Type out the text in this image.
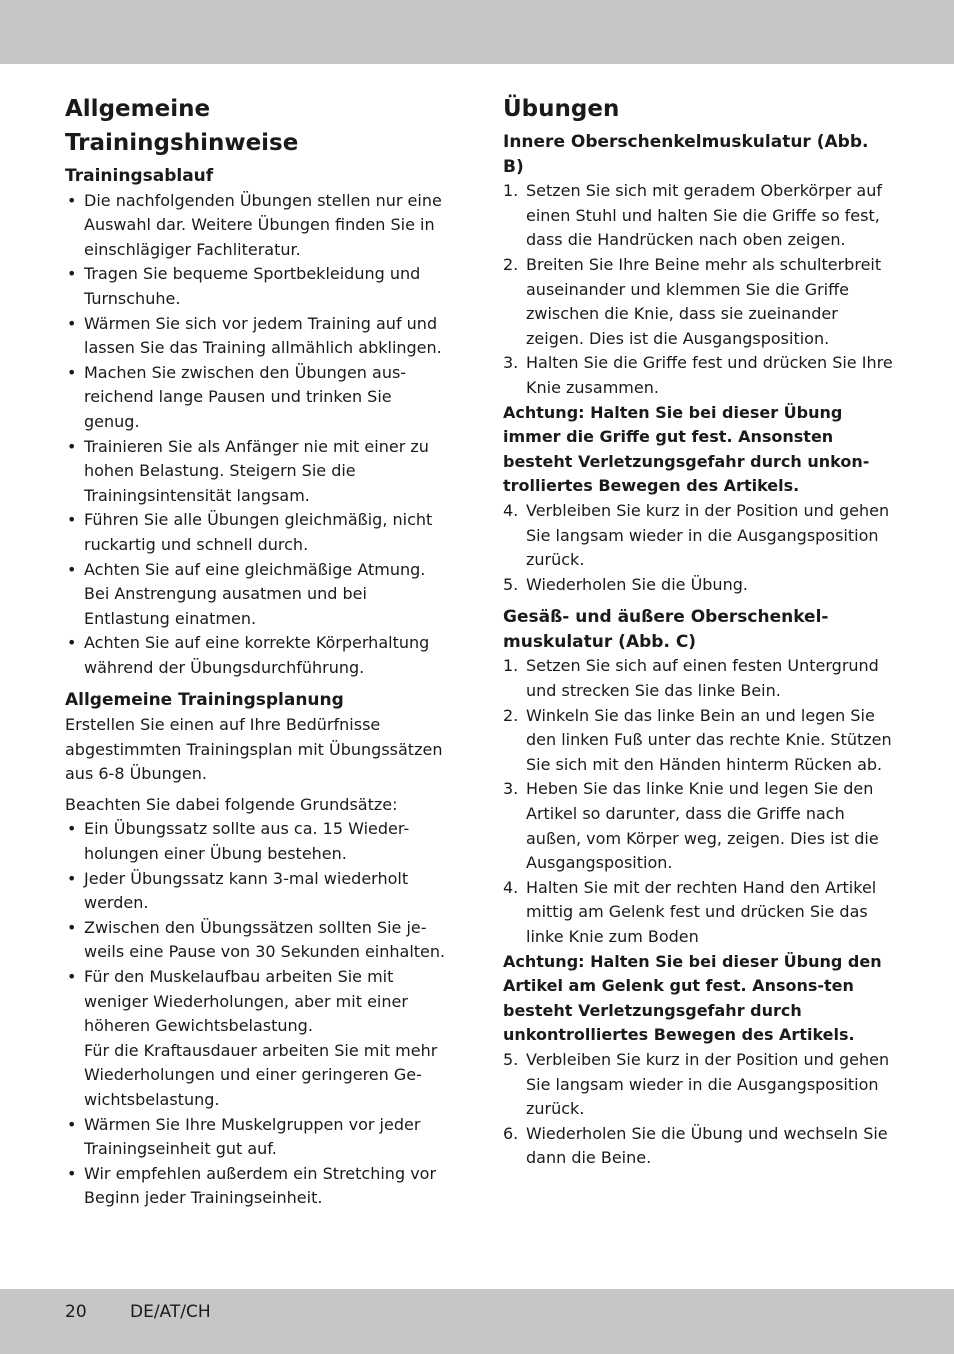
Allgemeine Trainingshinweise
Trainingsablauf
• Die nachfolgenden Übungen stellen nur eine Auswahl dar. Weitere Übungen finden Sie in einschlägiger Fachliteratur.
• Tragen Sie bequeme Sportbekleidung und Turnschuhe.
• Wärmen Sie sich vor jedem Training auf und lassen Sie das Training allmählich abklingen.
• Machen Sie zwischen den Übungen aus-reichend lange Pausen und trinken Sie genug.
• Trainieren Sie als Anfänger nie mit einer zu hohen Belastung. Steigern Sie die Trainingsintensität langsam.
• Führen Sie alle Übungen gleichmäßig, nicht ruckartig und schnell durch.
• Achten Sie auf eine gleichmäßige Atmung. Bei Anstrengung ausatmen und bei Entlastung einatmen.
• Achten Sie auf eine korrekte Körperhaltung während der Übungsdurchführung.
Allgemeine Trainingsplanung

Erstellen Sie einen auf Ihre Bedürfnisse abgestimmten Trainingsplan mit Übungssätzen aus 6-8 Übungen.

Beachten Sie dabei folgende Grundsätze:

• Ein Übungssatz sollte aus ca. 15 Wieder-holungen einer Übung bestehen.
• Jeder Übungssatz kann 3-mal wiederholt werden.
• Zwischen den Übungssätzen sollten Sie je-weils eine Pause von 30 Sekunden einhalten.
• Für den Muskelaufbau arbeiten Sie mit weniger Wiederholungen, aber mit einer höheren Gewichtsbelastung.
Für die Kraftausdauer arbeiten Sie mit mehr Wiederholungen und einer geringeren Ge-wichtsbelastung.
• Wärmen Sie Ihre Muskelgruppen vor jeder Trainingseinheit gut auf.
• Wir empfehlen außerdem ein Stretching vor Beginn jeder Trainingseinheit.
Übungen
Innere Oberschenkelmuskulatur (Abb. B)
1. Setzen Sie sich mit geradem Oberkörper auf einen Stuhl und halten Sie die Griffe so fest, dass die Handrücken nach oben zeigen.
2. Breiten Sie Ihre Beine mehr als schulterbreit auseinander und klemmen Sie die Griffe zwischen die Knie, dass sie zueinander zeigen. Dies ist die Ausgangsposition.
3. Halten Sie die Griffe fest und drücken Sie Ihre Knie zusammen.

Achtung: Halten Sie bei dieser Übung immer die Griffe gut fest. Ansonsten besteht Verletzungsgefahr durch unkon-trolliertes Bewegen des Artikels.

4. Verbleiben Sie kurz in der Position und gehen Sie langsam wieder in die Ausgangsposition zurück.
5. Wiederholen Sie die Übung.
Gesäß- und äußere Oberschenkel-muskulatur (Abb. C)
1. Setzen Sie sich auf einen festen Untergrund und strecken Sie das linke Bein.
2. Winkeln Sie das linke Bein an und legen Sie den linken Fuß unter das rechte Knie. Stützen Sie sich mit den Händen hinterm Rücken ab.
3. Heben Sie das linke Knie und legen Sie den Artikel so darunter, dass die Griffe nach außen, vom Körper weg, zeigen. Dies ist die Ausgangsposition.
4. Halten Sie mit der rechten Hand den Artikel mittig am Gelenk fest und drücken Sie das linke Knie zum Boden

Achtung: Halten Sie bei dieser Übung den Artikel am Gelenk gut fest. Ansons-ten besteht Verletzungsgefahr durch unkontrolliertes Bewegen des Artikels.

5. Verbleiben Sie kurz in der Position und gehen Sie langsam wieder in die Ausgangsposition zurück.
6. Wiederholen Sie die Übung und wechseln Sie dann die Beine.
20	DE/AT/CH
